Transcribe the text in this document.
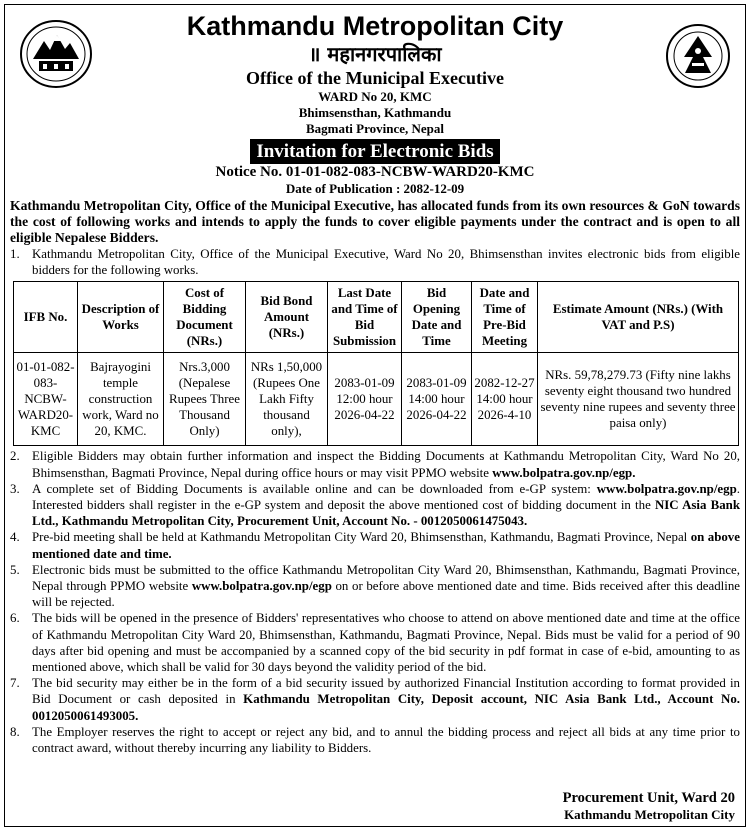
Kathmandu Metropolitan City
॥ महानगरपालिका
Office of the Municipal Executive
WARD No 20, KMC
Bhimsensthan, Kathmandu
Bagmati Province, Nepal
Invitation for Electronic Bids
Notice No. 01-01-082-083-NCBW-WARD20-KMC
Date of Publication : 2082-12-09
Kathmandu Metropolitan City, Office of the Municipal Executive, has allocated funds from its own resources & GoN towards the cost of following works and intends to apply the funds to cover eligible payments under the contract and is open to all eligible Nepalese Bidders.
1. Kathmandu Metropolitan City, Office of the Municipal Executive, Ward No 20, Bhimsensthan invites electronic bids from eligible bidders for the following works.
IFB No.	Description of Works	Cost of Bidding Document (NRs.)	Bid Bond Amount (NRs.)	Last Date and Time of Bid Submission	Bid Opening Date and Time	Date and Time of Pre-Bid Meeting	Estimate Amount (NRs.) (With VAT and P.S)
01-01-082-083-NCBW-WARD20-KMC	Bajrayogini temple construction work, Ward no 20, KMC.	Nrs.3,000 (Nepalese Rupees Three Thousand Only)	NRs 1,50,000 (Rupees One Lakh Fifty thousand only),	2083-01-09 12:00 hour 2026-04-22	2083-01-09 14:00 hour 2026-04-22	2082-12-27 14:00 hour 2026-4-10	NRs. 59,78,279.73 (Fifty nine lakhs seventy eight thousand two hundred seventy nine rupees and seventy three paisa only)
2. Eligible Bidders may obtain further information and inspect the Bidding Documents at Kathmandu Metropolitan City, Ward No 20, Bhimsensthan, Bagmati Province, Nepal during office hours or may visit PPMO website www.bolpatra.gov.np/egp.
3. A complete set of Bidding Documents is available online and can be downloaded from e-GP system: www.bolpatra.gov.np/egp. Interested bidders shall register in the e-GP system and deposit the above mentioned cost of bidding document in the NIC Asia Bank Ltd., Kathmandu Metropolitan City, Procurement Unit, Account No. - 0012050061475043.
4. Pre-bid meeting shall be held at Kathmandu Metropolitan City Ward 20, Bhimsensthan, Kathmandu, Bagmati Province, Nepal on above mentioned date and time.
5. Electronic bids must be submitted to the office Kathmandu Metropolitan City Ward 20, Bhimsensthan, Kathmandu, Bagmati Province, Nepal through PPMO website www.bolpatra.gov.np/egp on or before above mentioned date and time. Bids received after this deadline will be rejected.
6. The bids will be opened in the presence of Bidders' representatives who choose to attend on above mentioned date and time at the office of Kathmandu Metropolitan City Ward 20, Bhimsensthan, Kathmandu, Bagmati Province, Nepal. Bids must be valid for a period of 90 days after bid opening and must be accompanied by a scanned copy of the bid security in pdf format in case of e-bid, amounting to as mentioned above, which shall be valid for 30 days beyond the validity period of the bid.
7. The bid security may either be in the form of a bid security issued by authorized Financial Institution according to format provided in Bid Document or cash deposited in Kathmandu Metropolitan City, Deposit account, NIC Asia Bank Ltd., Account No. 0012050061493005.
8. The Employer reserves the right to accept or reject any bid, and to annul the bidding process and reject all bids at any time prior to contract award, without thereby incurring any liability to Bidders.
Procurement Unit, Ward 20
Kathmandu Metropolitan City
